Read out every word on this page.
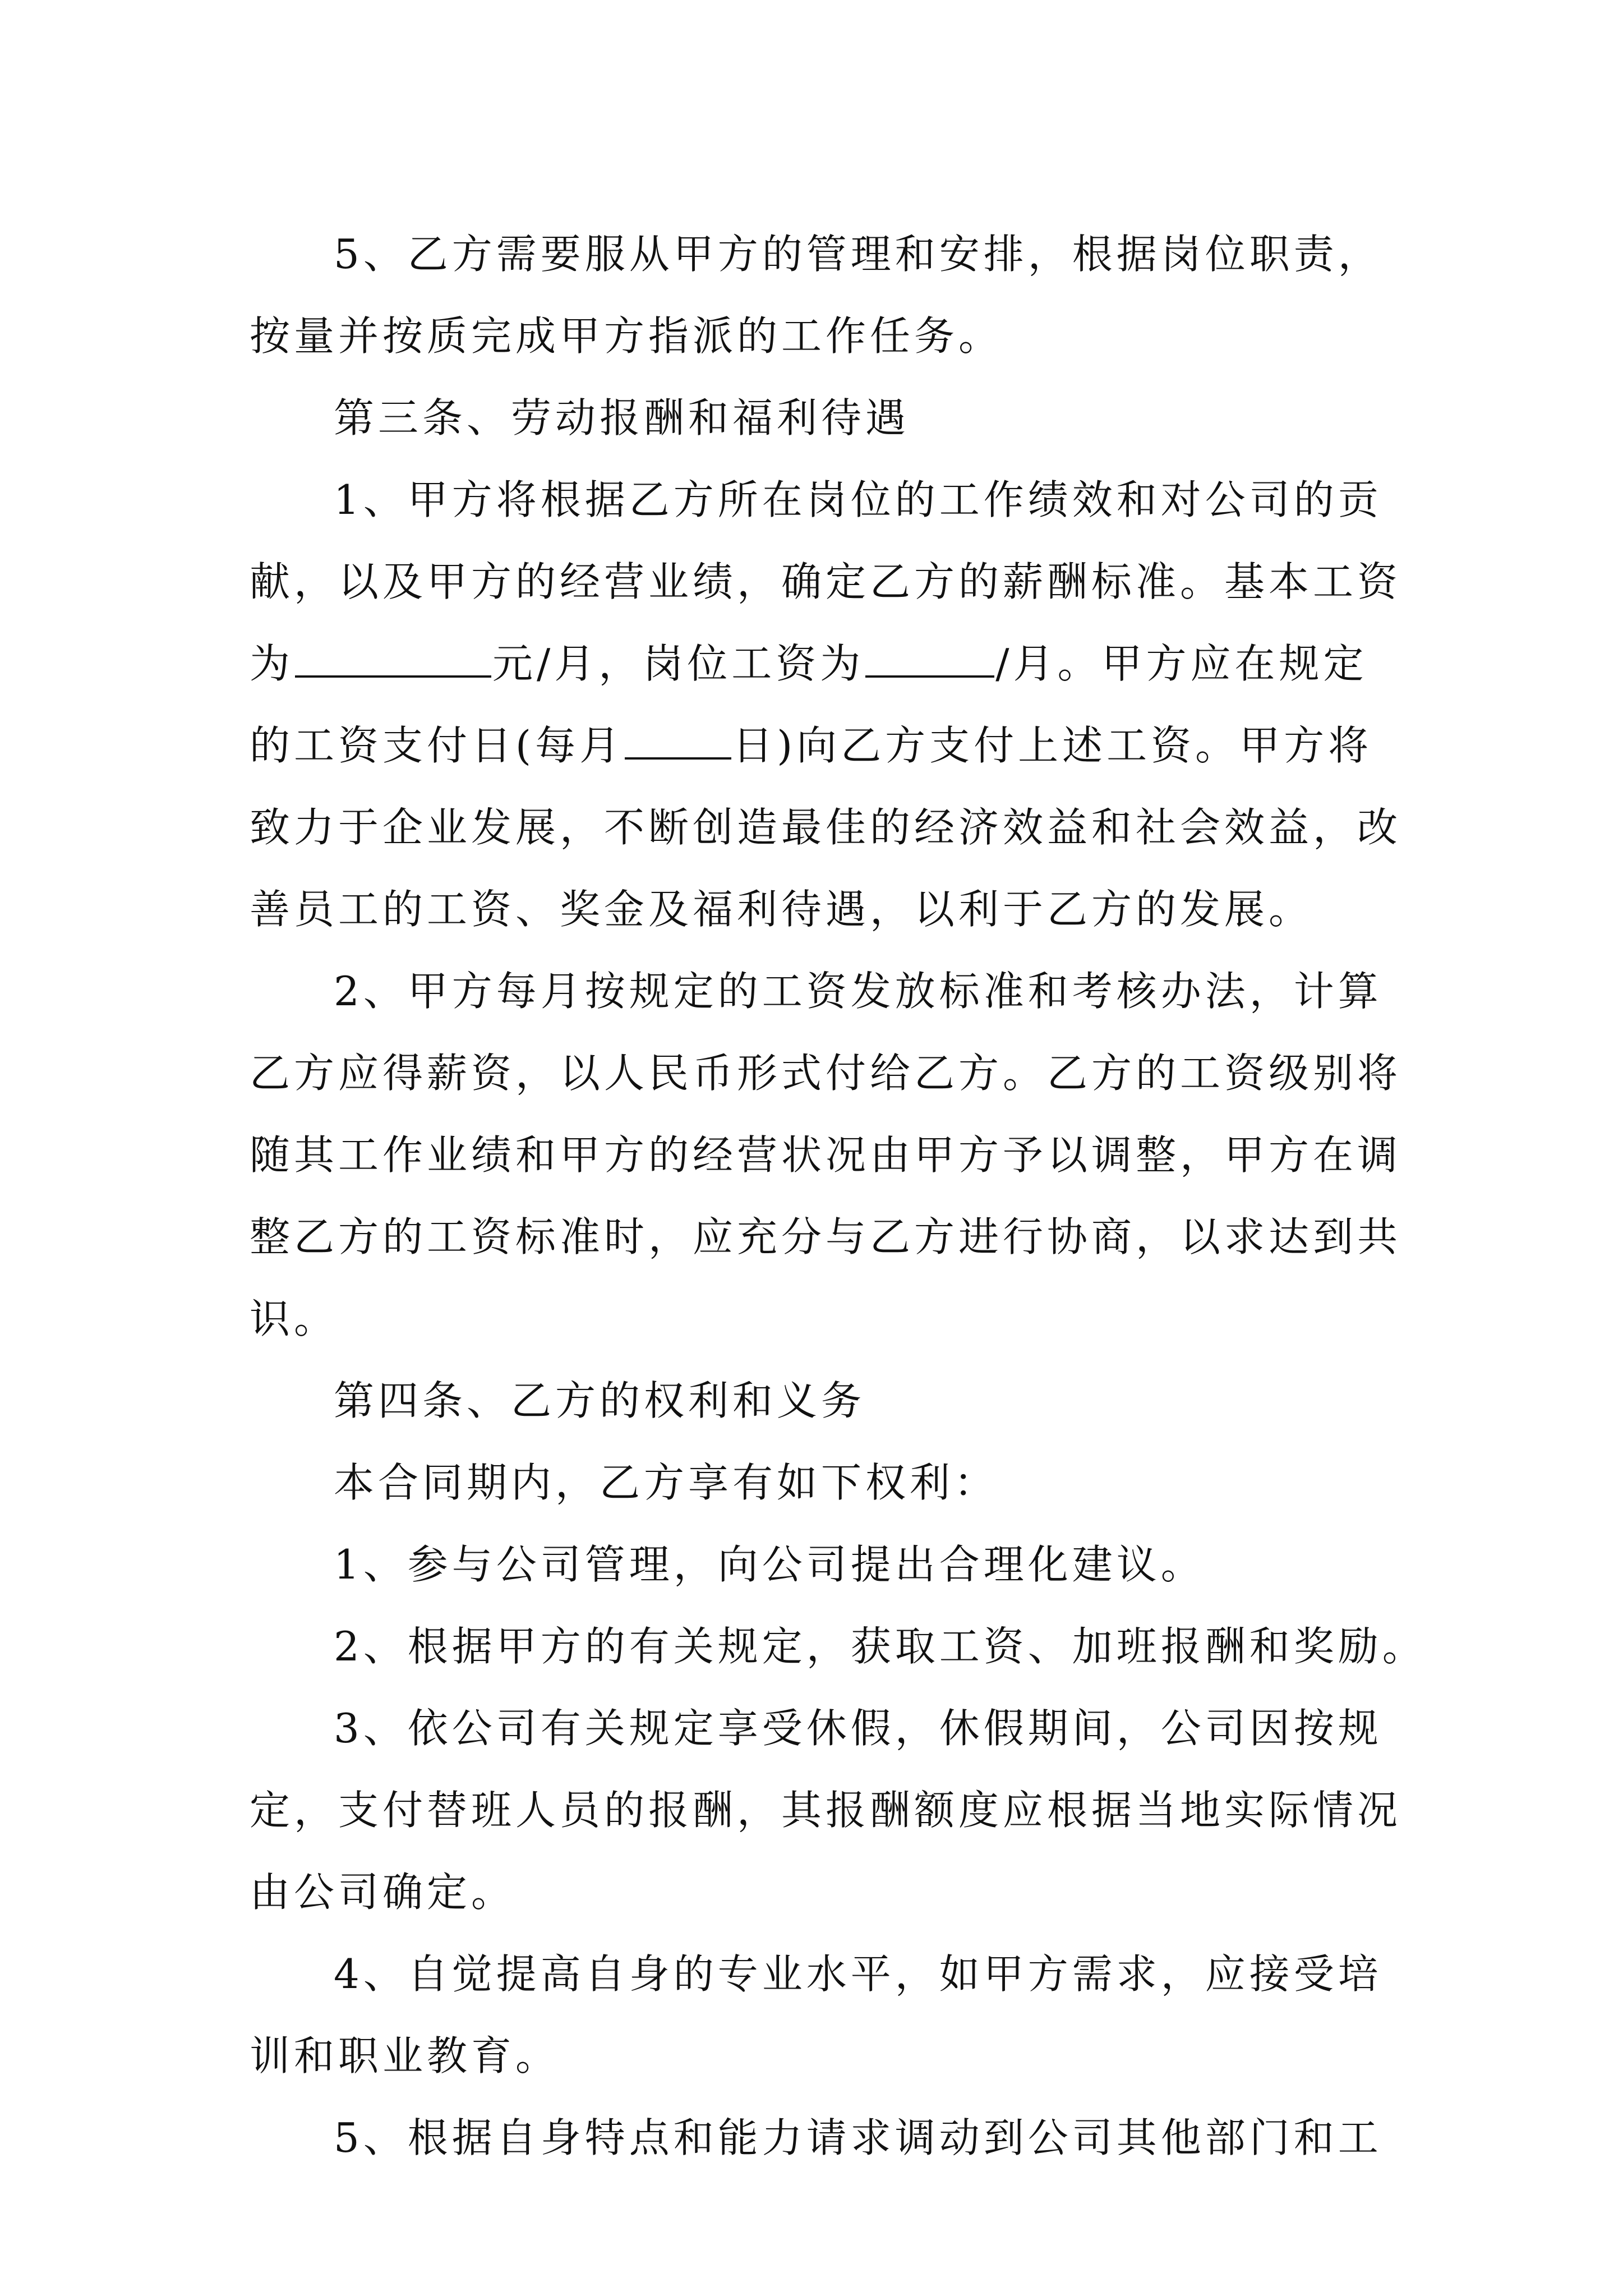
5、乙方需要服从甲方的管理和安排，根据岗位职责，
按量并按质完成甲方指派的工作任务。
第三条、劳动报酬和福利待遇
1、甲方将根据乙方所在岗位的工作绩效和对公司的贡
献，以及甲方的经营业绩，确定乙方的薪酬标准。基本工资
为	元/月，岗位工资为	/月。甲方应在规定
的工资支付日(每月	日)向乙方支付上述工资。甲方将
致力于企业发展，不断创造最佳的经济效益和社会效益，改
善员工的工资、奖金及福利待遇，以利于乙方的发展。
2、甲方每月按规定的工资发放标准和考核办法，计算
乙方应得薪资，以人民币形式付给乙方。乙方的工资级别将
随其工作业绩和甲方的经营状况由甲方予以调整，甲方在调
整乙方的工资标准时，应充分与乙方进行协商，以求达到共
识。
第四条、乙方的权利和义务
本合同期内，乙方享有如下权利：
1、参与公司管理，向公司提出合理化建议。
2、根据甲方的有关规定，获取工资、加班报酬和奖励。
3、依公司有关规定享受休假，休假期间，公司因按规
定，支付替班人员的报酬，其报酬额度应根据当地实际情况
由公司确定。
4、自觉提高自身的专业水平，如甲方需求，应接受培
训和职业教育。
5、根据自身特点和能力请求调动到公司其他部门和工
